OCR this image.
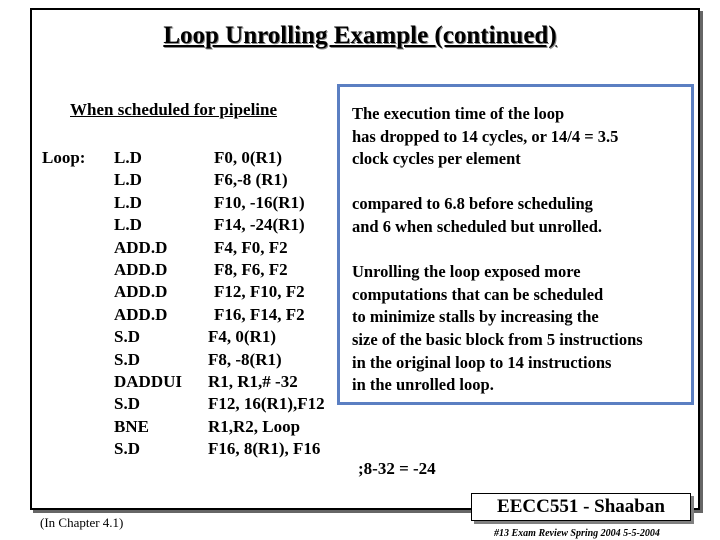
Loop Unrolling Example (continued)
When scheduled for pipeline
Loop: L.D	F0, 0(R1)
L.D	F6,-8 (R1)
L.D	F10, -16(R1)
L.D	F14, -24(R1)
ADD.D	F4, F0, F2
ADD.D	F8, F6, F2
ADD.D	F12, F10, F2
ADD.D	F16, F14, F2
S.D	F4, 0(R1)
S.D	F8, -8(R1)
DADDUI R1, R1,# -32
S.D	F12, 16(R1),F12
BNE	R1,R2, Loop
S.D	F16, 8(R1), F16
;8-32 = -24
The execution time of the loop
has dropped to 14 cycles, or 14/4 = 3.5
clock cycles per element
compared to 6.8 before scheduling
and 6 when scheduled but unrolled.
Unrolling the loop exposed more
computations that can be scheduled
to minimize stalls by increasing the
size of the basic block from 5 instructions
in the original loop to 14 instructions
in the unrolled loop.
(In Chapter 4.1)
EECC551 - Shaaban
#13 Exam Review Spring 2004 5-5-2004
